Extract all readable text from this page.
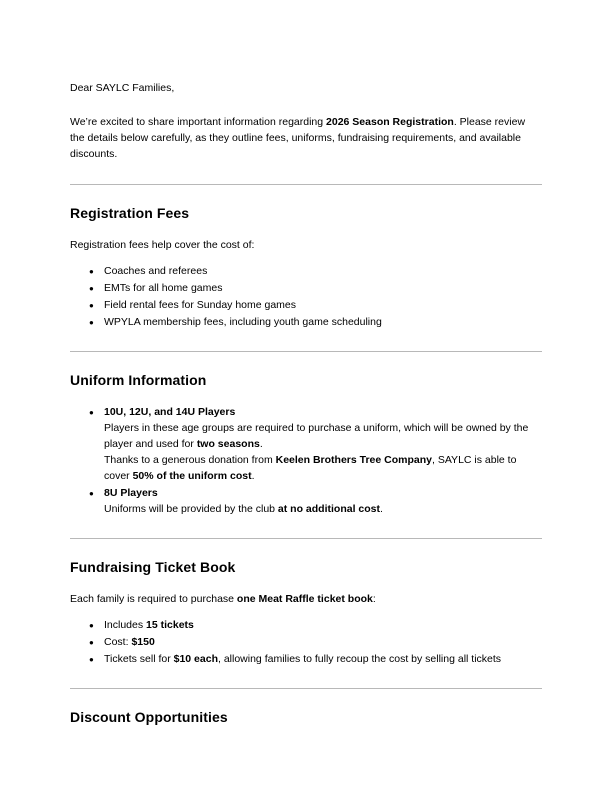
Dear SAYLC Families,

We’re excited to share important information regarding 2026 Season Registration. Please review the details below carefully, as they outline fees, uniforms, fundraising requirements, and available discounts.

Registration Fees

Registration fees help cover the cost of:

● Coaches and referees
● EMTs for all home games
● Field rental fees for Sunday home games
● WPYLA membership fees, including youth game scheduling
Uniform Information
● 10U, 12U, and 14U Players
Players in these age groups are required to purchase a uniform, which will be owned by the player and used for two seasons.
Thanks to a generous donation from Keelen Brothers Tree Company, SAYLC is able to cover 50% of the uniform cost.
● 8U Players
Uniforms will be provided by the club at no additional cost.
Fundraising Ticket Book

Each family is required to purchase one Meat Raffle ticket book:

● Includes 15 tickets
● Cost: $150
● Tickets sell for $10 each, allowing families to fully recoup the cost by selling all tickets
Discount Opportunities
